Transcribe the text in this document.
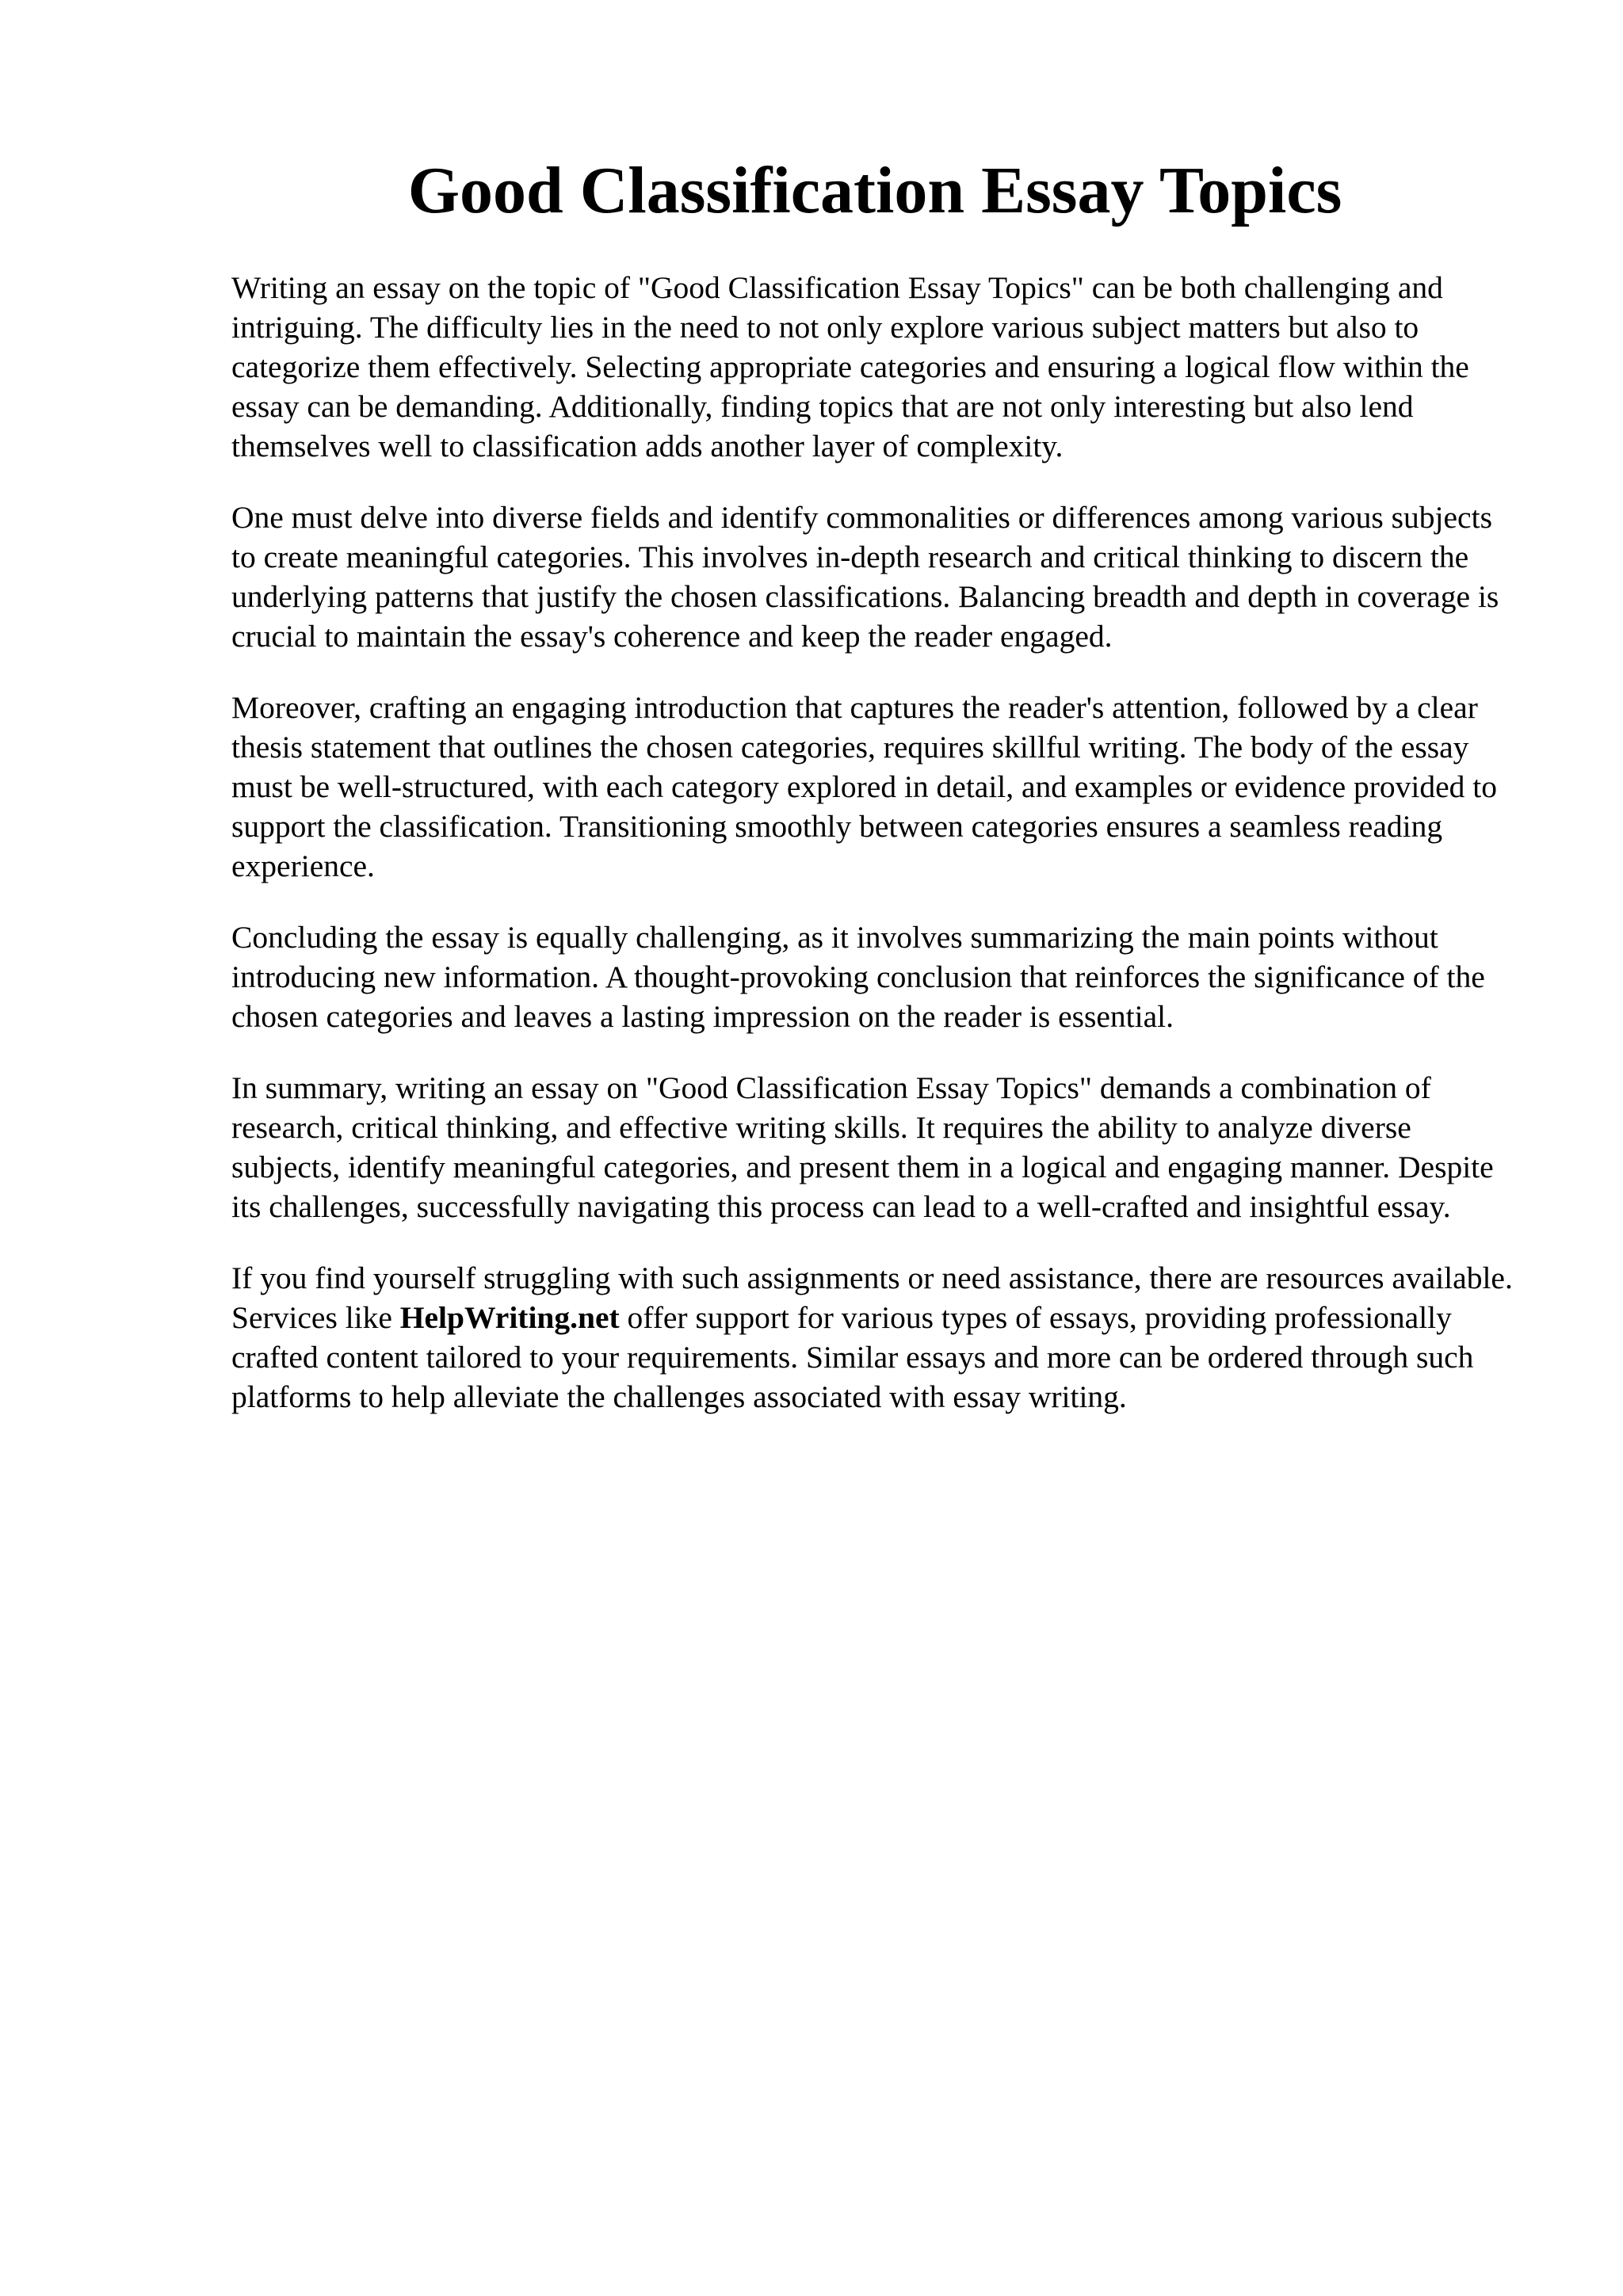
Good Classification Essay Topics

Writing an essay on the topic of "Good Classification Essay Topics" can be both challenging and intriguing. The difficulty lies in the need to not only explore various subject matters but also to categorize them effectively. Selecting appropriate categories and ensuring a logical flow within the essay can be demanding. Additionally, finding topics that are not only interesting but also lend themselves well to classification adds another layer of complexity.

One must delve into diverse fields and identify commonalities or differences among various subjects to create meaningful categories. This involves in-depth research and critical thinking to discern the underlying patterns that justify the chosen classifications. Balancing breadth and depth in coverage is crucial to maintain the essay's coherence and keep the reader engaged.

Moreover, crafting an engaging introduction that captures the reader's attention, followed by a clear thesis statement that outlines the chosen categories, requires skillful writing. The body of the essay must be well-structured, with each category explored in detail, and examples or evidence provided to support the classification. Transitioning smoothly between categories ensures a seamless reading experience.

Concluding the essay is equally challenging, as it involves summarizing the main points without introducing new information. A thought-provoking conclusion that reinforces the significance of the chosen categories and leaves a lasting impression on the reader is essential.

In summary, writing an essay on "Good Classification Essay Topics" demands a combination of research, critical thinking, and effective writing skills. It requires the ability to analyze diverse subjects, identify meaningful categories, and present them in a logical and engaging manner. Despite its challenges, successfully navigating this process can lead to a well-crafted and insightful essay.

If you find yourself struggling with such assignments or need assistance, there are resources available. Services like HelpWriting.net offer support for various types of essays, providing professionally crafted content tailored to your requirements. Similar essays and more can be ordered through such platforms to help alleviate the challenges associated with essay writing.
